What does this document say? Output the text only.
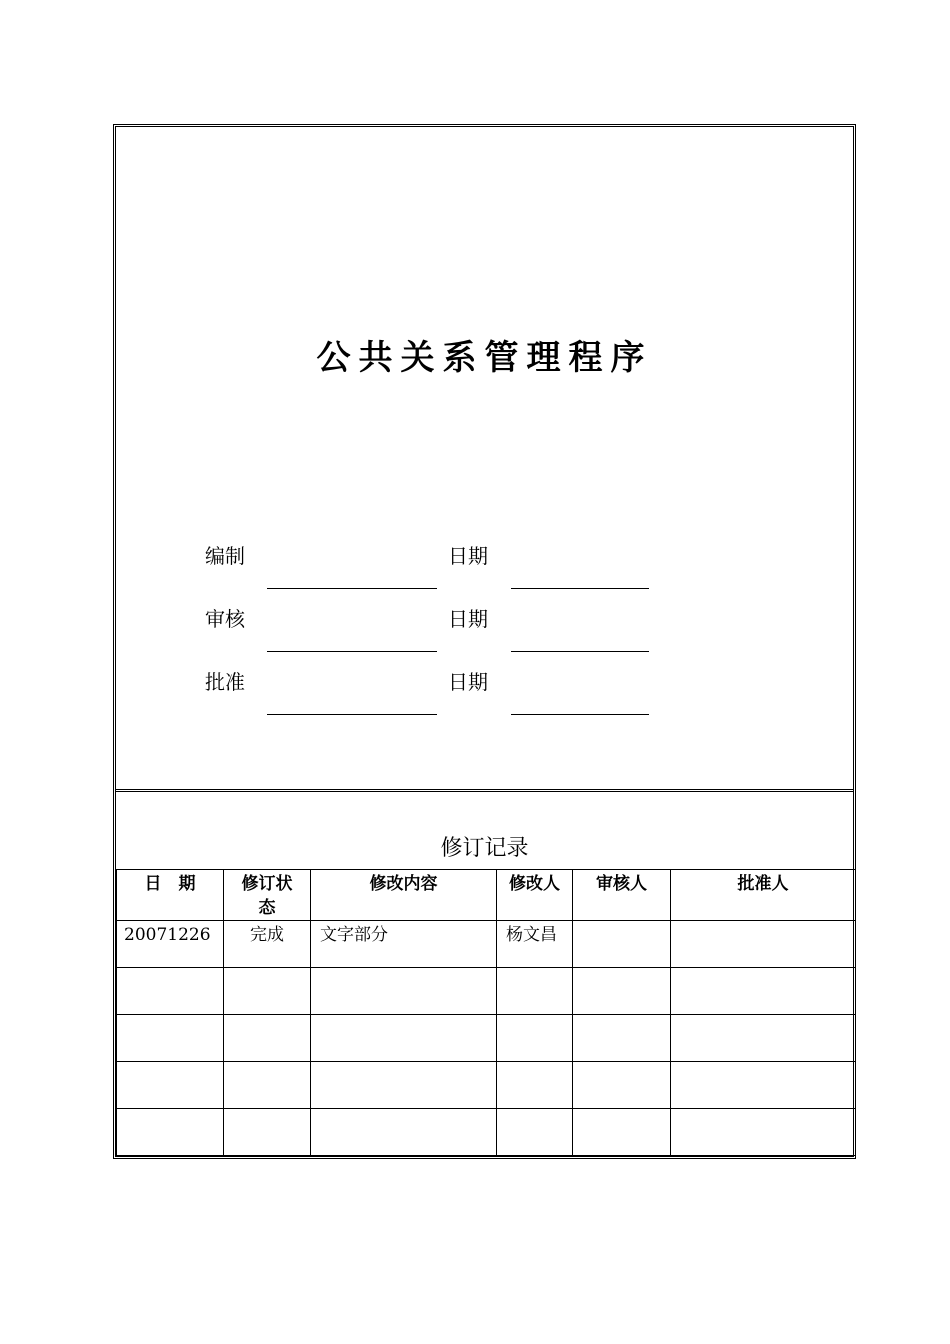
公共关系管理程序
编制	日期
审核	日期
批准	日期
修订记录
日　期	修订状态	修改内容	修改人	审核人	批准人
20071226	完成	文字部分	杨文昌		
